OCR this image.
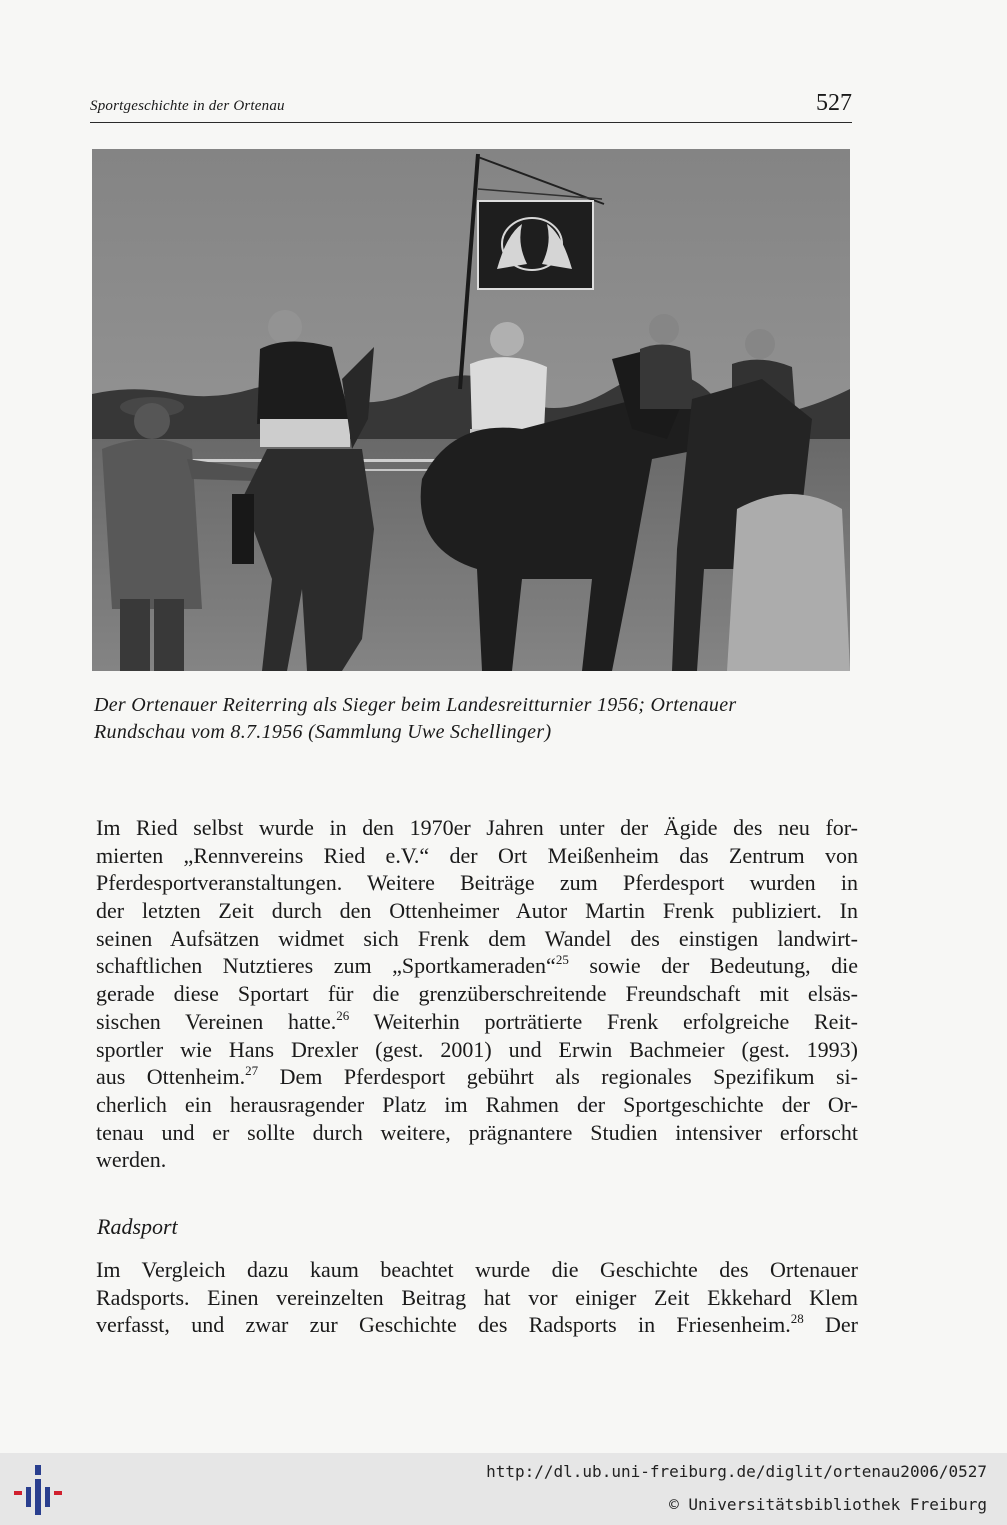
Sportgeschichte in der Ortenau	527
Der Ortenauer Reiterring als Sieger beim Landesreitturnier 1956; Ortenauer
Rundschau vom 8.7.1956 (Sammlung Uwe Schellinger)
Im Ried selbst wurde in den 1970er Jahren unter der Ägide des neu for-
mierten „Rennvereins Ried e.V.“ der Ort Meißenheim das Zentrum von
Pferdesportveranstaltungen. Weitere Beiträge zum Pferdesport wurden in
der letzten Zeit durch den Ottenheimer Autor Martin Frenk publiziert. In
seinen Aufsätzen widmet sich Frenk dem Wandel des einstigen landwirt-
schaftlichen Nutztieres zum „Sportkameraden“$^{25}$ sowie der Bedeutung, die
gerade diese Sportart für die grenzüberschreitende Freundschaft mit elsäs-
sischen Vereinen hatte.$^{26}$ Weiterhin porträtierte Frenk erfolgreiche Reit-
sportler wie Hans Drexler (gest. 2001) und Erwin Bachmeier (gest. 1993)
aus Ottenheim.$^{27}$ Dem Pferdesport gebührt als regionales Spezifikum si-
cherlich ein herausragender Platz im Rahmen der Sportgeschichte der Or-
tenau und er sollte durch weitere, prägnantere Studien intensiver erforscht
werden.
Radsport
Im Vergleich dazu kaum beachtet wurde die Geschichte des Ortenauer
Radsports. Einen vereinzelten Beitrag hat vor einiger Zeit Ekkehard Klem
verfasst, und zwar zur Geschichte des Radsports in Friesenheim.$^{28}$ Der
http://dl.ub.uni-freiburg.de/diglit/ortenau2006/0527
© Universitätsbibliothek Freiburg
